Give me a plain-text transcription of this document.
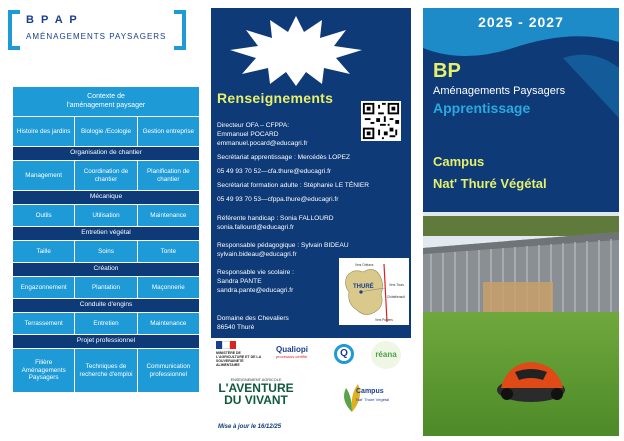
B P A P
AMÉNAGEMENTS PAYSAGERS
Contexte de
l'aménagement paysager		

Histoire des jardins	Biologie /Ecologie	Gestion entreprise

Organisation de chantier		

Management	Coordination de chantier	Planification de chantier

Mécanique		

Outils	Utilisation	Maintenance

Entretien végétal		

Taille	Soins	Tonte

Création		

Engazonnement	Plantation	Maçonnerie

Conduite d'engins		

Terrassement	Entretien	Maintenance

Projet professionnel		

Filière Aménagements Paysagers	Techniques de recherche d'emploi	Communication professionnel
Renseignements
Directeur OFA – CFPPA:
Emmanuel POCARD
emmanuel.pocard@educagri.fr
Secrétariat apprentissage : Mercédès LOPEZ
05 49 93 70 52—cfa.thure@educagri.fr
Secrétariat formation adulte : Stéphanie LE TÉNIER
05 49 93 70 53—cfppa.thure@educagri.fr
Référente handicap : Sonia FALLOURD
sonia.fallourd@educagri.fr
Responsable pédagogique : Sylvain BIDEAU
sylvain.bideau@educagri.fr
Responsable vie scolaire :
Sandra PANTE
sandra.pante@educagri.fr
Domaine des Chevaliers
86540 Thuré
THURÉ
Vers Orléans
Vers Tours
Châtellerault
Vers Poitiers
MINISTÈRE DE L'AGRICULTURE ET DE LA SOUVERAINETÉ ALIMENTAIRE
Qualiopi
processus certifié	Q	réana
ENSEIGNEMENT AGRICOLE
L'AVENTURE
DU VIVANT
Campus
Nat' Thuré Végétal
Mise à jour le 16/12/25
2025 - 2027
BP
Aménagements Paysagers
Apprentissage
Campus
Nat' Thuré Végétal
